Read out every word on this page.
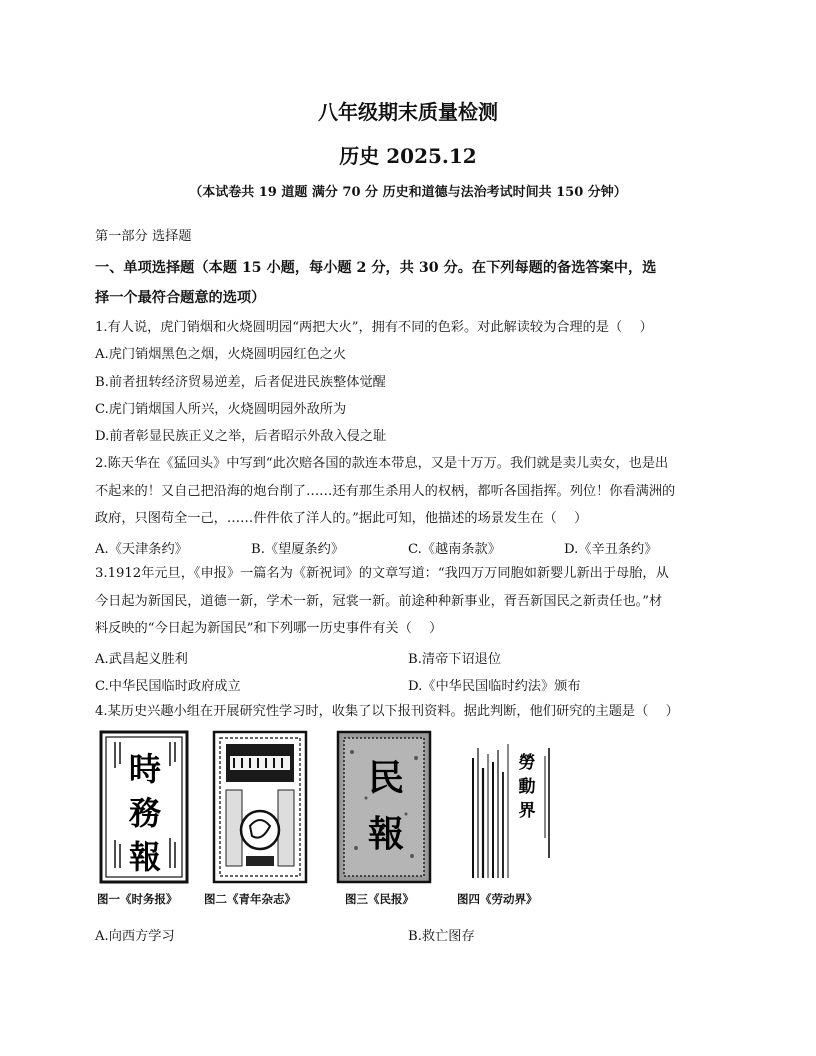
八年级期末质量检测
历史 2025.12
（本试卷共 19 道题 满分 70 分 历史和道德与法治考试时间共 150 分钟）
第一部分 选择题
一、单项选择题（本题 15 小题，每小题 2 分，共 30 分。在下列每题的备选答案中，选
择一个最符合题意的选项）
1.有人说，虎门销烟和火烧圆明园“两把大火”，拥有不同的色彩。对此解读较为合理的是（　 ）
A.虎门销烟黑色之烟，火烧圆明园红色之火
B.前者扭转经济贸易逆差，后者促进民族整体觉醒
C.虎门销烟国人所兴，火烧圆明园外敌所为
D.前者彰显民族正义之举，后者昭示外敌入侵之耻
2.陈天华在《猛回头》中写到“此次赔各国的款连本带息，又是十万万。我们就是卖儿卖女，也是出
不起来的！又自己把沿海的炮台削了……还有那生杀用人的权柄，都听各国指挥。列位！你看满洲的
政府，只图苟全一己，……件件依了洋人的。”据此可知，他描述的场景发生在（　 ）
A.《天津条约》	B.《望厦条约》	C.《越南条款》	D.《辛丑条约》
3.1912年元旦，《申报》一篇名为《新祝词》的文章写道：“我四万万同胞如新婴儿新出于母胎，从
今日起为新国民，道德一新，学术一新，冠裳一新。前途种种新事业，胥吾新国民之新责任也。”材
料反映的“今日起为新国民”和下列哪一历史事件有关（　 ）
A.武昌起义胜利	B.清帝下诏退位
C.中华民国临时政府成立	D.《中华民国临时约法》颁布
4.某历史兴趣小组在开展研究性学习时，收集了以下报刊资料。据此判断，他们研究的主题是（　 ）
時
務
報
图一《时务报》 图二《青年杂志》
民
報
图三《民报》
勞
動
界
图四《劳动界》
A.向西方学习	B.救亡图存
